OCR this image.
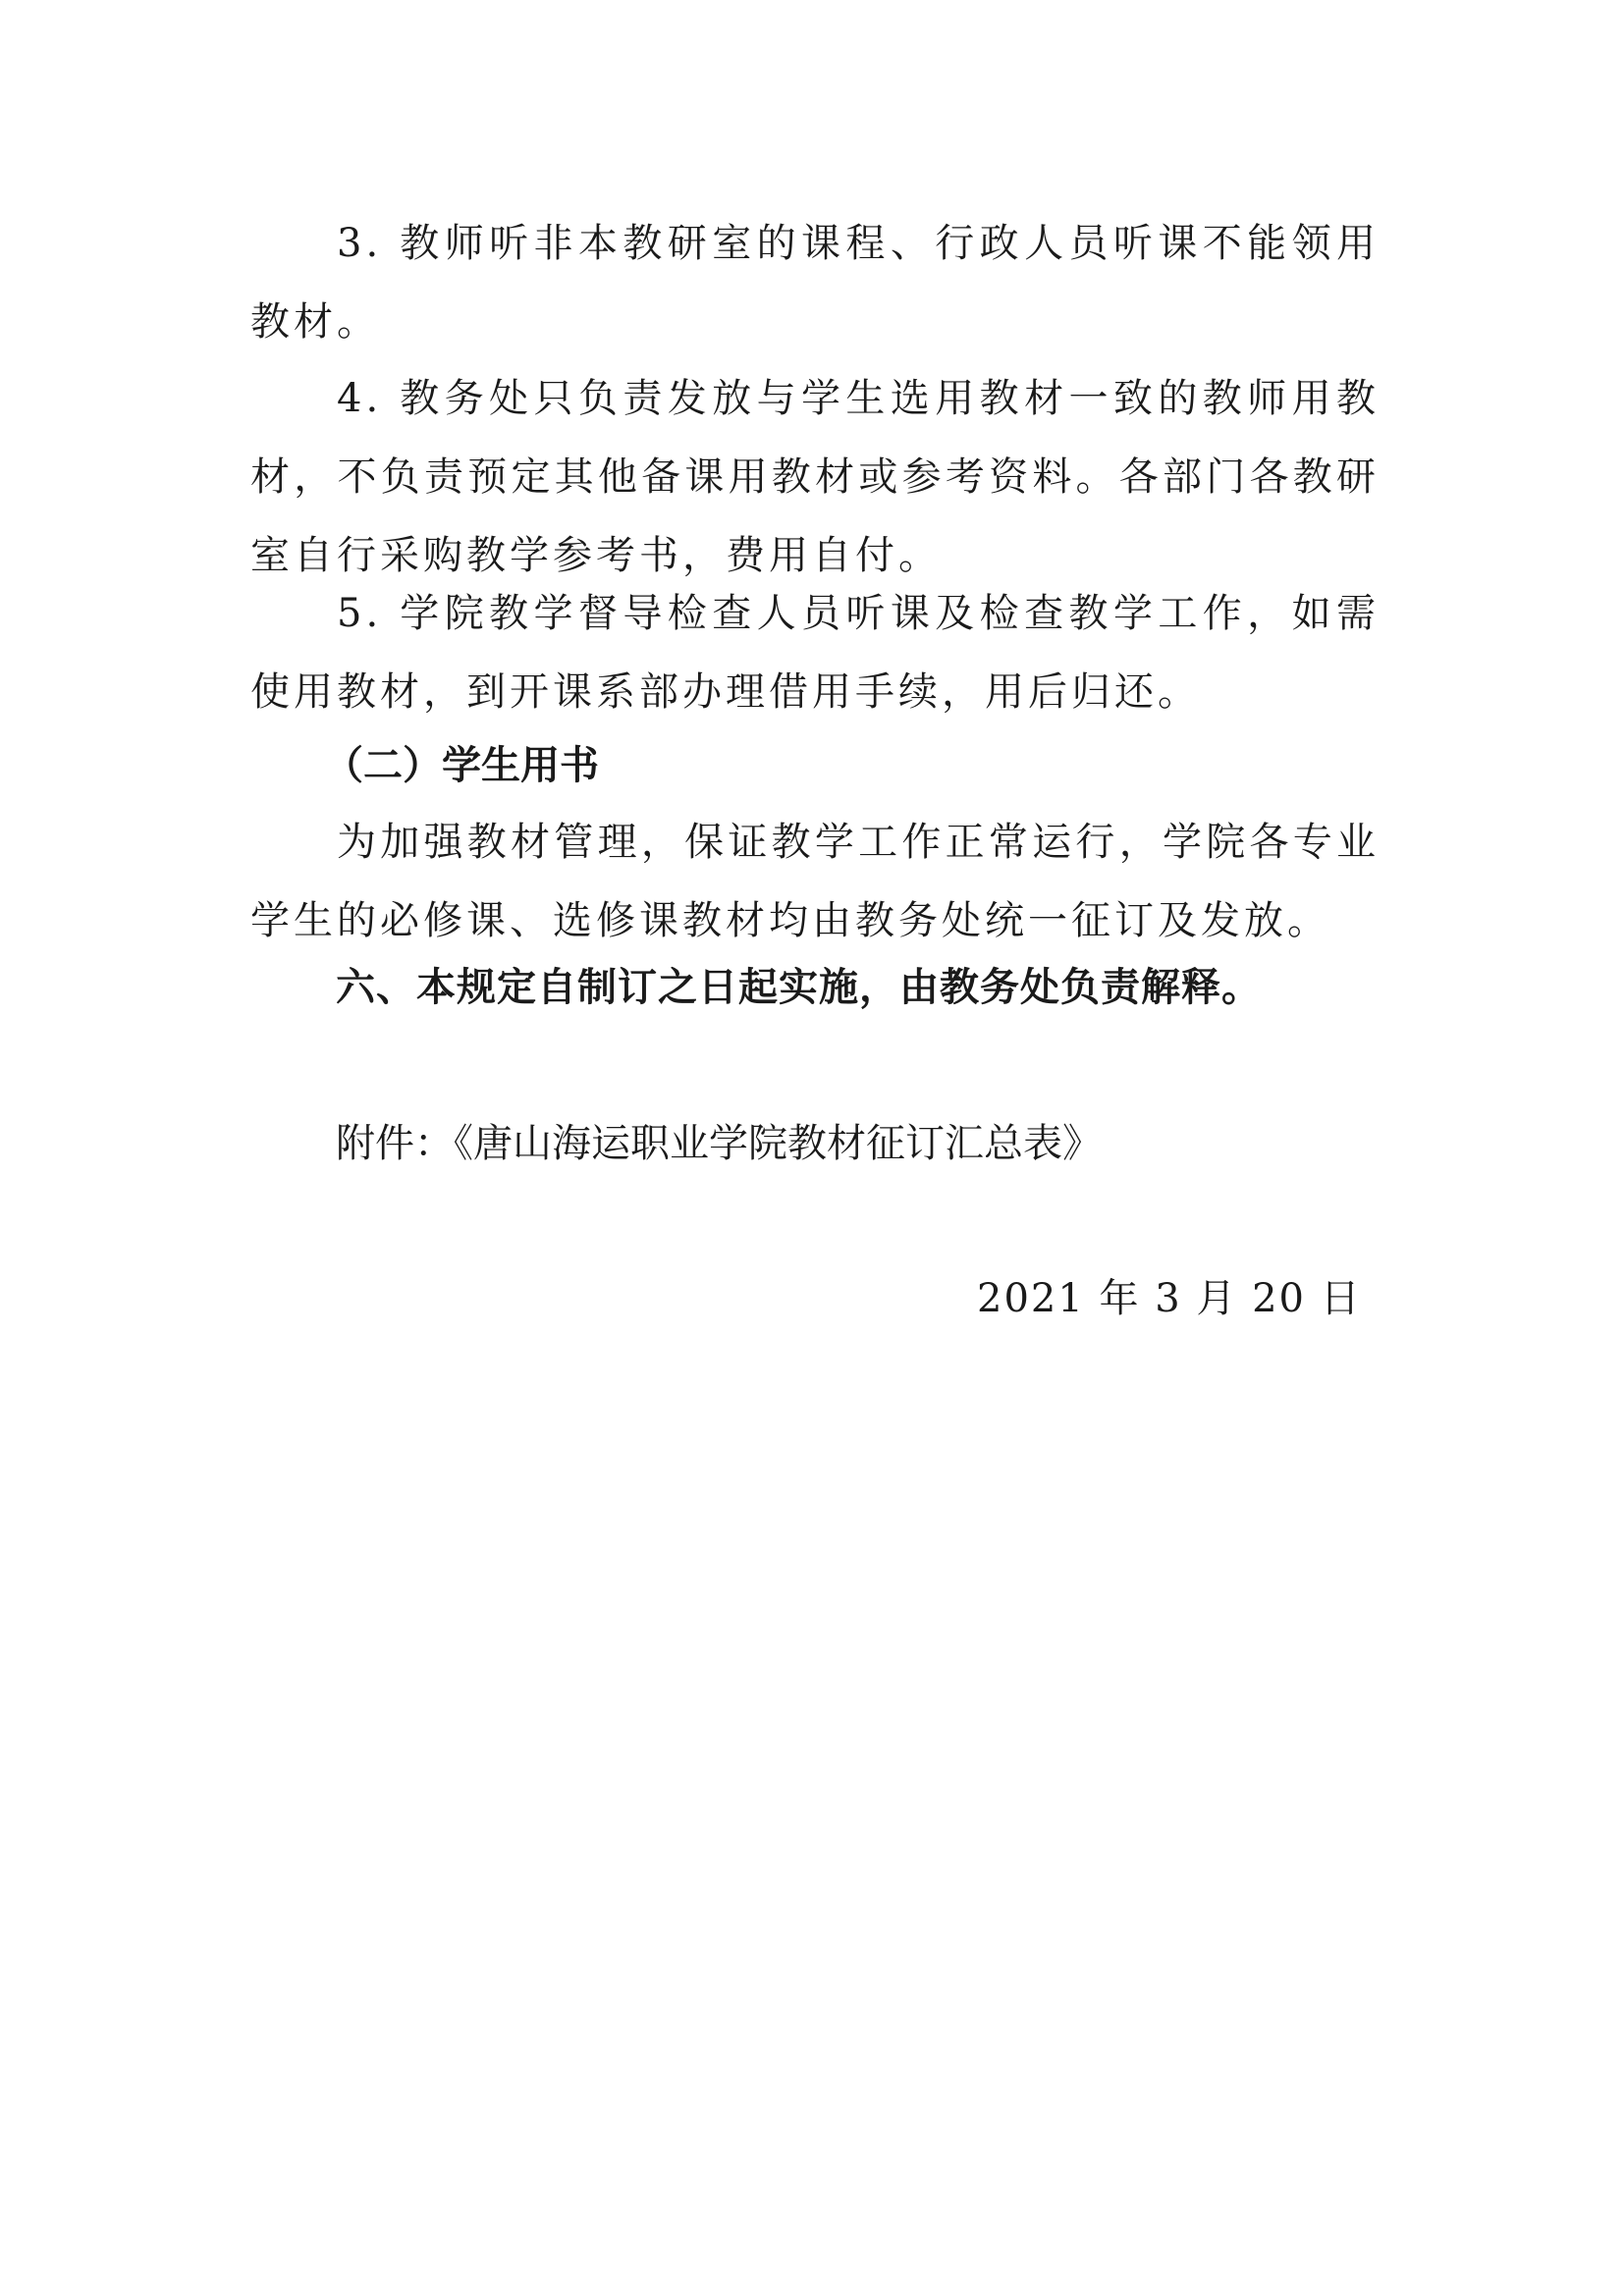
3. 教师听非本教研室的课程、行政人员听课不能领用教材。

4. 教务处只负责发放与学生选用教材一致的教师用教材，不负责预定其他备课用教材或参考资料。各部门各教研室自行采购教学参考书，费用自付。

5. 学院教学督导检查人员听课及检查教学工作，如需使用教材，到开课系部办理借用手续，用后归还。

（二）学生用书

为加强教材管理，保证教学工作正常运行，学院各专业学生的必修课、选修课教材均由教务处统一征订及发放。

六、本规定自制订之日起实施，由教务处负责解释。

附件：《唐山海运职业学院教材征订汇总表》

2021 年 3 月 20 日
